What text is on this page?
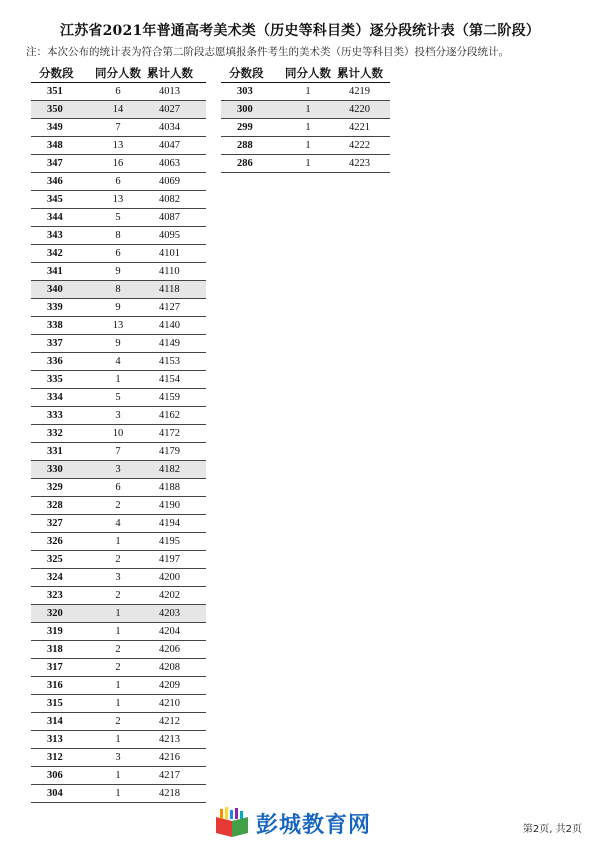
江苏省2021年普通高考美术类（历史等科目类）逐分段统计表（第二阶段）
注：本次公布的统计表为符合第二阶段志愿填报条件考生的美术类（历史等科目类）投档分逐分段统计。
分数段	同分人数	累计人数
351	6	4013
350	14	4027
349	7	4034
348	13	4047
347	16	4063
346	6	4069
345	13	4082
344	5	4087
343	8	4095
342	6	4101
341	9	4110
340	8	4118
339	9	4127
338	13	4140
337	9	4149
336	4	4153
335	1	4154
334	5	4159
333	3	4162
332	10	4172
331	7	4179
330	3	4182
329	6	4188
328	2	4190
327	4	4194
326	1	4195
325	2	4197
324	3	4200
323	2	4202
320	1	4203
319	1	4204
318	2	4206
317	2	4208
316	1	4209
315	1	4210
314	2	4212
313	1	4213
312	3	4216
306	1	4217
304	1	4218
分数段	同分人数	累计人数
303	1	4219
300	1	4220
299	1	4221
288	1	4222
286	1	4223
彭城教育网	第2页, 共2页
